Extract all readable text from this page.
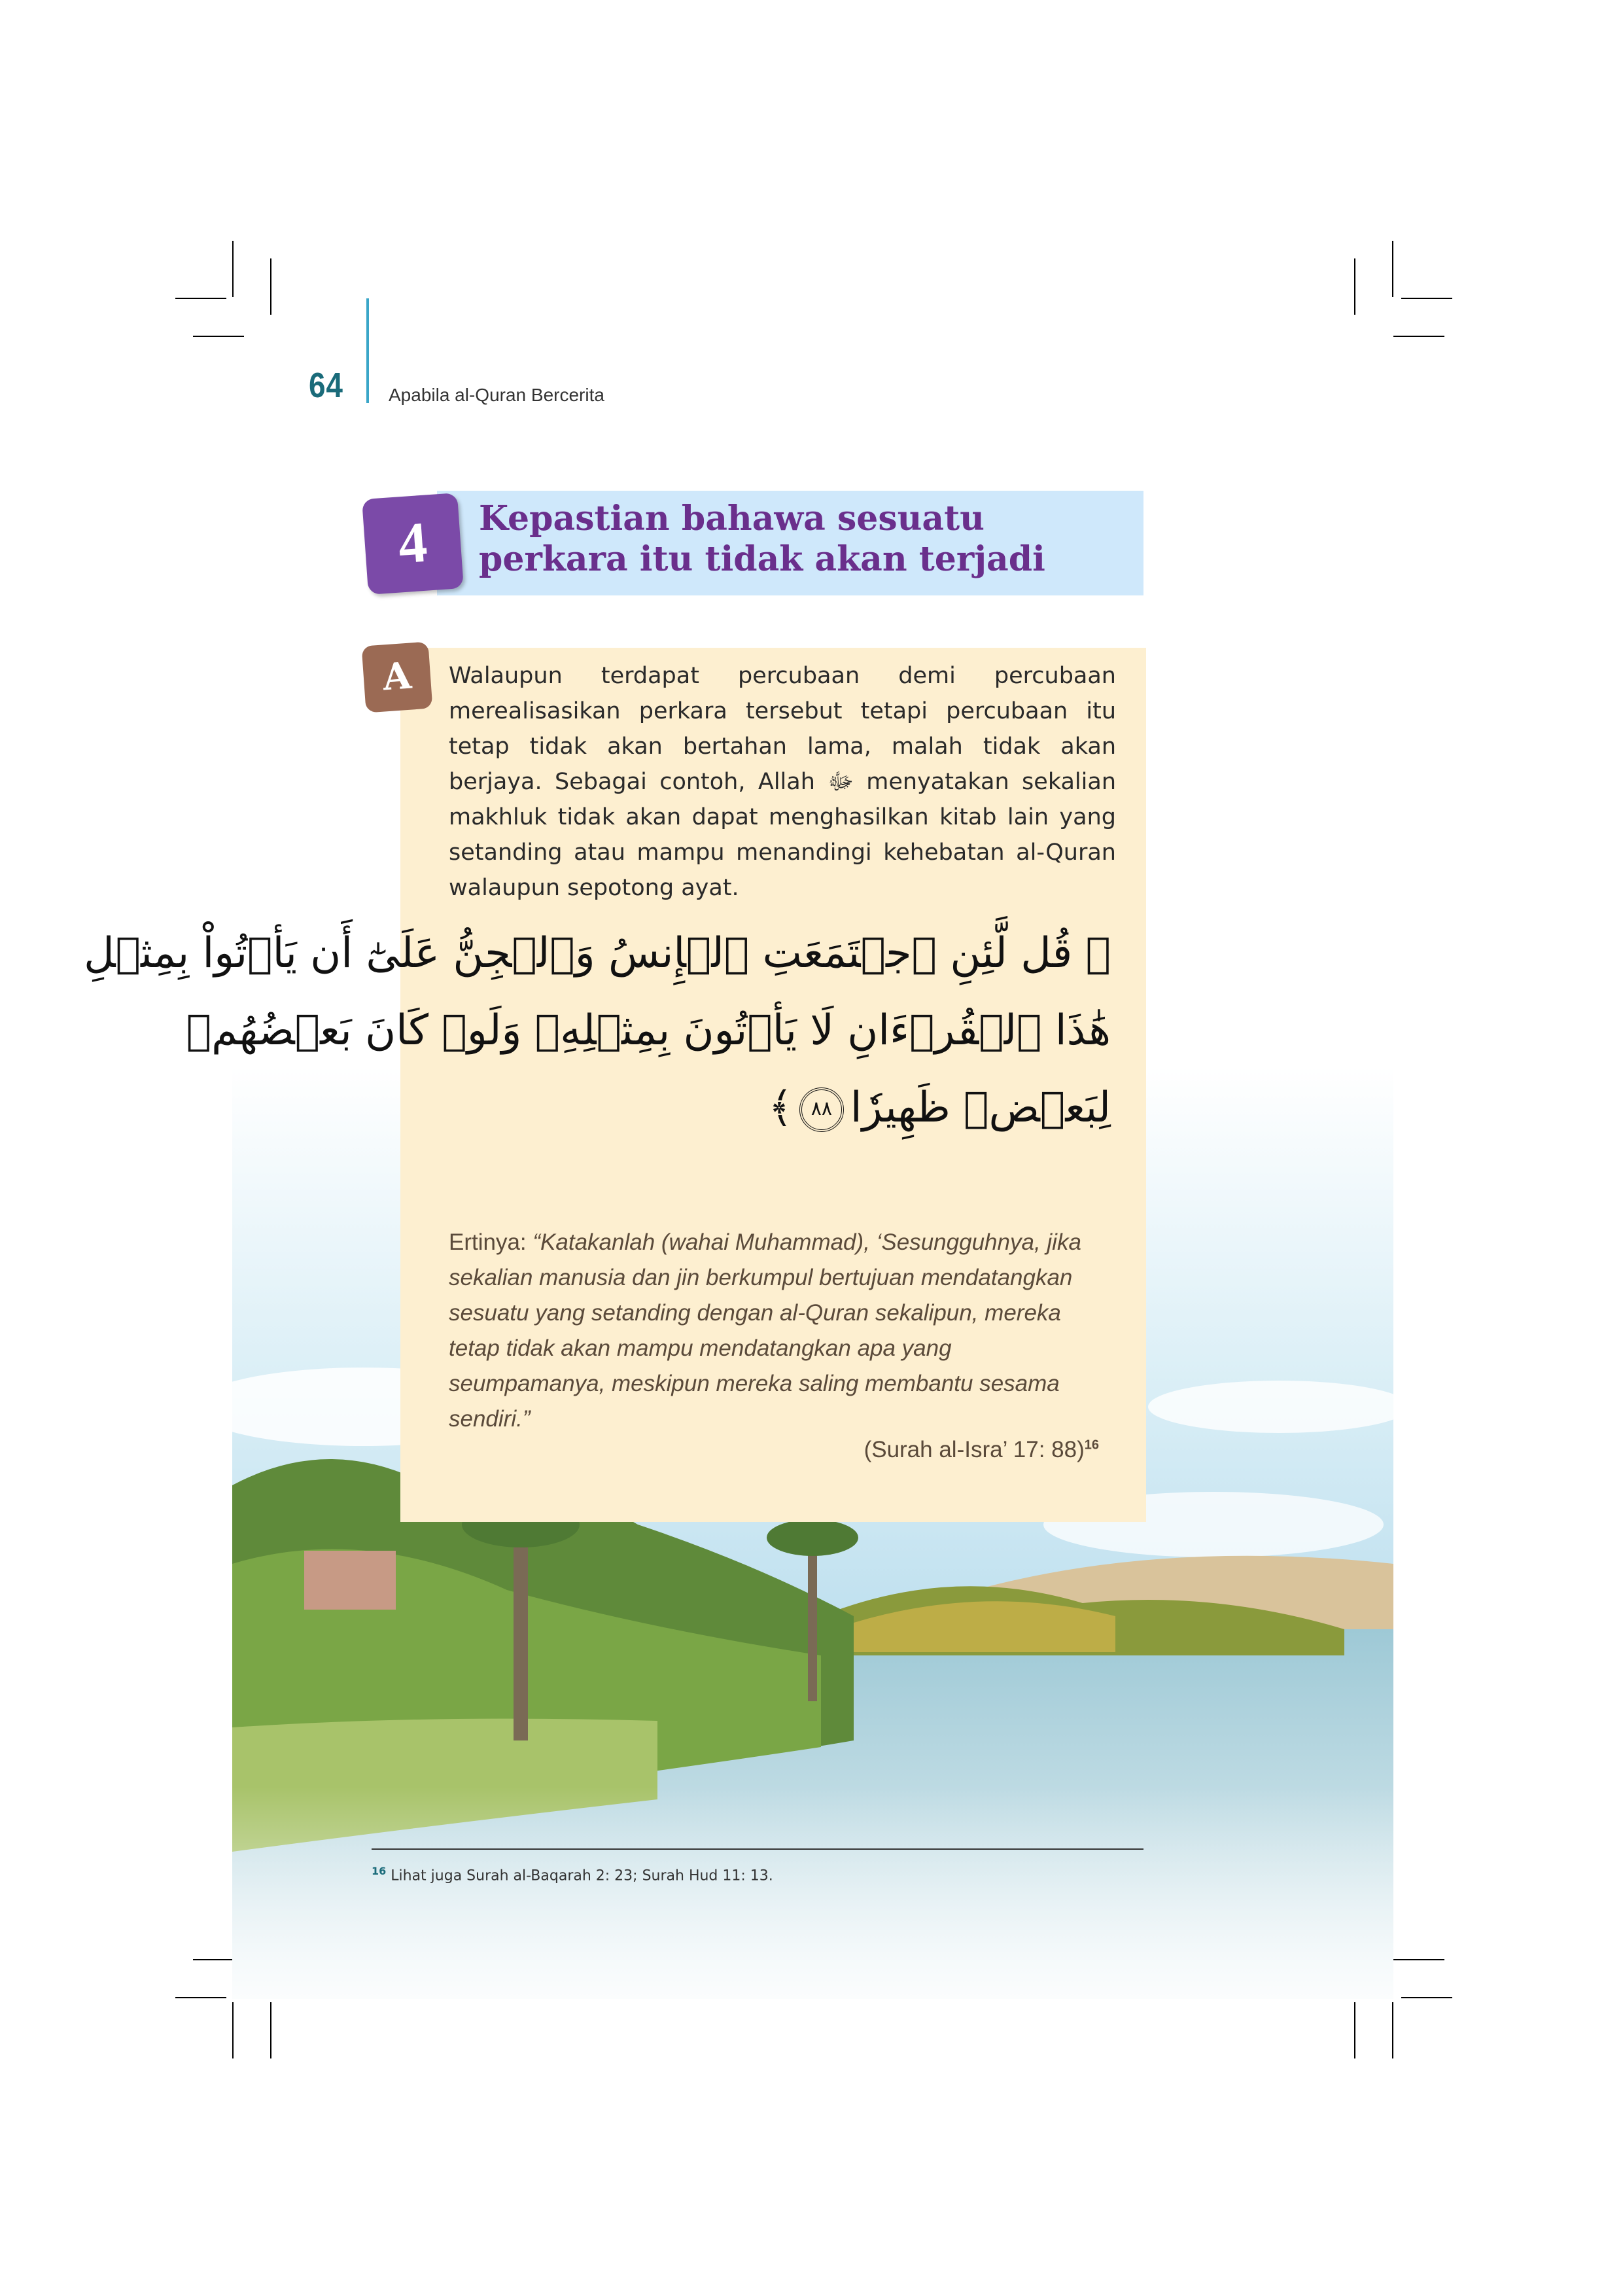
64 Apabila al-Quran Bercerita
4	Kepastian bahawa sesuatu perkara itu tidak akan terjadi
A	Walaupun terdapat percubaan demi percubaan merealisasikan perkara tersebut tetapi percubaan itu tetap tidak akan bertahan lama, malah tidak akan berjaya. Sebagai contoh, Allah ﷻ menyatakan sekalian makhluk tidak akan dapat menghasilkan kitab lain yang setanding atau mampu menandingi kehebatan al-Quran walaupun sepotong ayat.
﴿ قُل لَّئِنِ ٱجۡتَمَعَتِ ٱلۡإِنسُ وَٱلۡجِنُّ عَلَىٰٓ أَن يَأۡتُواْ بِمِثۡلِ
هَٰذَا ٱلۡقُرۡءَانِ لَا يَأۡتُونَ بِمِثۡلِهِۦ وَلَوۡ كَانَ بَعۡضُهُمۡ
لِبَعۡضٖ ظَهِيرٗا٨٨﴾
Ertinya: “Katakanlah (wahai Muhammad), ‘Sesungguhnya, jika sekalian manusia dan jin berkumpul bertujuan mendatangkan sesuatu yang setanding dengan al-Quran sekalipun, mereka tetap tidak akan mampu mendatangkan apa yang seumpamanya, meskipun mereka saling membantu sesama sendiri.”
(Surah al-Isra’ 17: 88)$^{16}$
$^{16}$ Lihat juga Surah al-Baqarah 2: 23; Surah Hud 11: 13.
